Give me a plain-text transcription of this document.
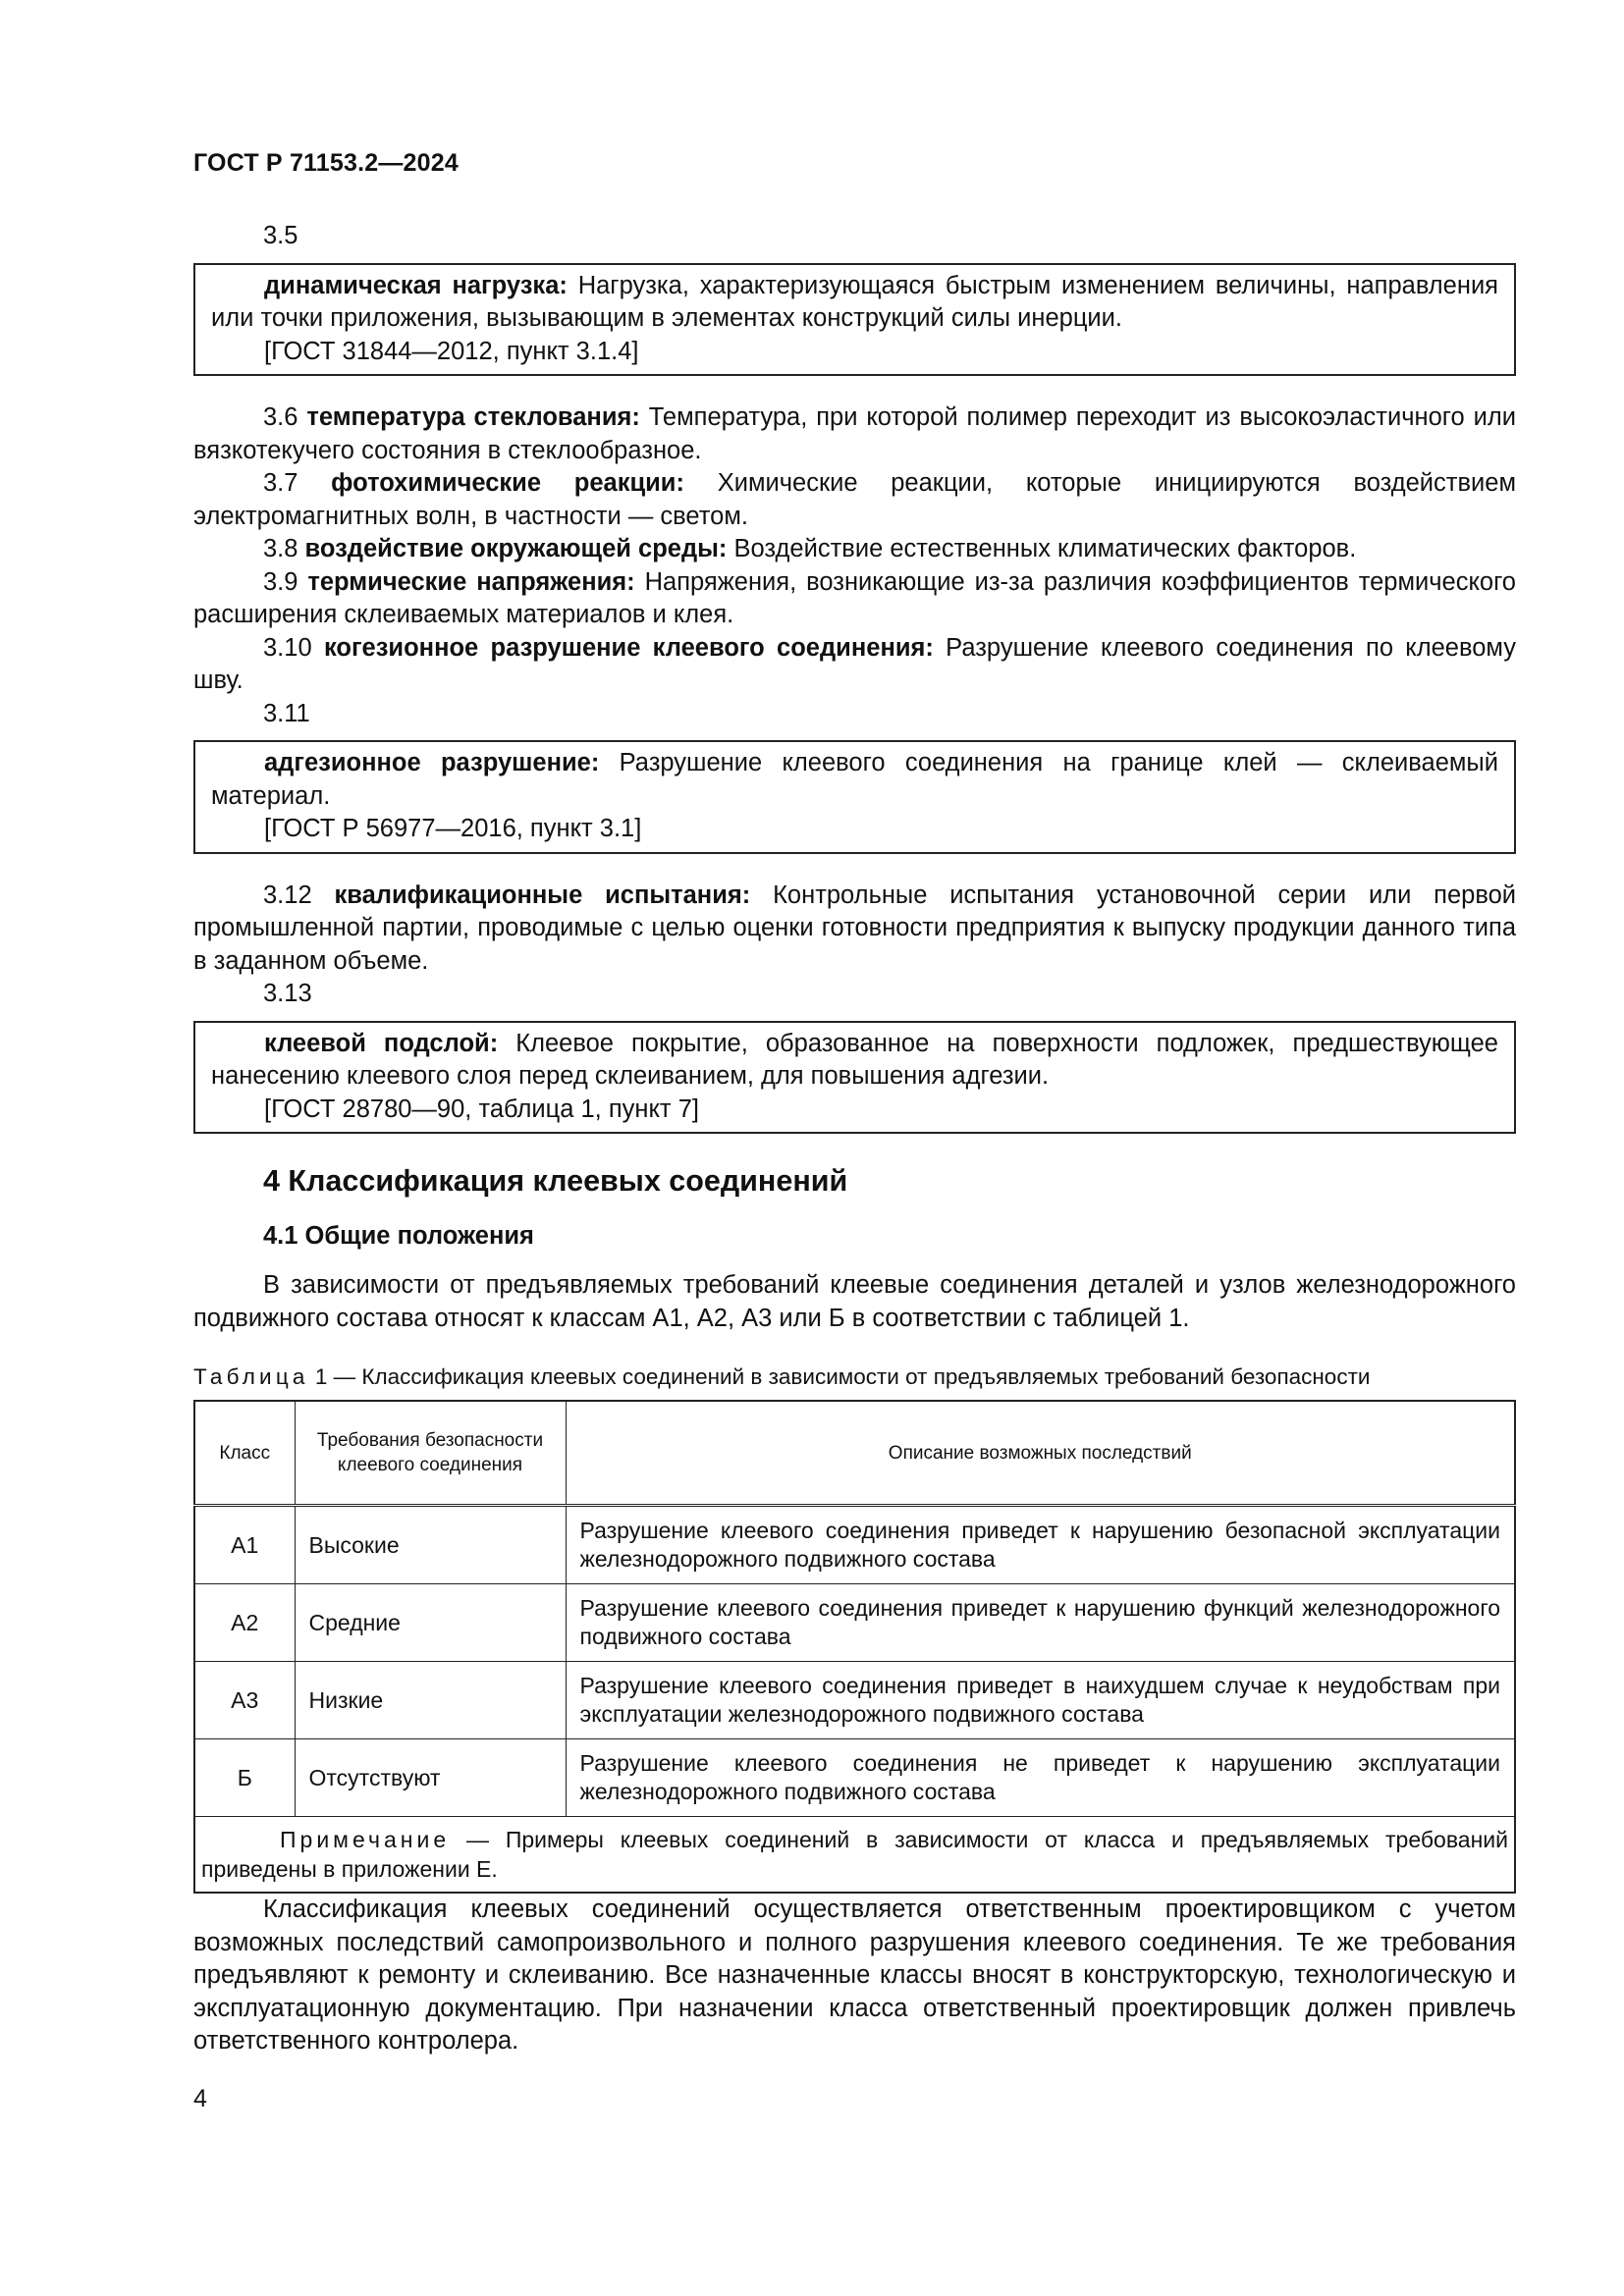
ГОСТ Р 71153.2—2024

3.5

динамическая нагрузка: Нагрузка, характеризующаяся быстрым изменением величины, направления или точки приложения, вызывающим в элементах конструкций силы инерции.

[ГОСТ 31844—2012, пункт 3.1.4]

3.6 температура стеклования: Температура, при которой полимер переходит из высокоэластичного или вязкотекучего состояния в стеклообразное.

3.7 фотохимические реакции: Химические реакции, которые инициируются воздействием электромагнитных волн, в частности — светом.

3.8 воздействие окружающей среды: Воздействие естественных климатических факторов.

3.9 термические напряжения: Напряжения, возникающие из-за различия коэффициентов термического расширения склеиваемых материалов и клея.

3.10 когезионное разрушение клеевого соединения: Разрушение клеевого соединения по клеевому шву.

3.11

адгезионное разрушение: Разрушение клеевого соединения на границе клей — склеиваемый материал.

[ГОСТ Р 56977—2016, пункт 3.1]

3.12 квалификационные испытания: Контрольные испытания установочной серии или первой промышленной партии, проводимые с целью оценки готовности предприятия к выпуску продукции данного типа в заданном объеме.

3.13

клеевой подслой: Клеевое покрытие, образованное на поверхности подложек, предшествующее нанесению клеевого слоя перед склеиванием, для повышения адгезии.

[ГОСТ 28780—90, таблица 1, пункт 7]

4 Классификация клеевых соединений
4.1 Общие положения

В зависимости от предъявляемых требований клеевые соединения деталей и узлов железнодорожного подвижного состава относят к классам А1, А2, А3 или Б в соответствии с таблицей 1.

Таблица 1 — Классификация клеевых соединений в зависимости от предъявляемых требований безопасности
Класс	Требования безопасности клеевого соединения	Описание возможных последствий
А1	Высокие	Разрушение клеевого соединения приведет к нарушению безопасной эксплуатации железнодорожного подвижного состава
А2	Средние	Разрушение клеевого соединения приведет к нарушению функций железнодорожного подвижного состава
А3	Низкие	Разрушение клеевого соединения приведет в наихудшем случае к неудобствам при эксплуатации железнодорожного подвижного состава
Б	Отсутствуют	Разрушение клеевого соединения не приведет к нарушению эксплуатации железнодорожного подвижного состава
Примечание — Примеры клеевых соединений в зависимости от класса и предъявляемых требований приведены в приложении Е.		

Классификация клеевых соединений осуществляется ответственным проектировщиком с учетом возможных последствий самопроизвольного и полного разрушения клеевого соединения. Те же требования предъявляют к ремонту и склеиванию. Все назначенные классы вносят в конструкторскую, технологическую и эксплуатационную документацию. При назначении класса ответственный проектировщик должен привлечь ответственного контролера.

4
